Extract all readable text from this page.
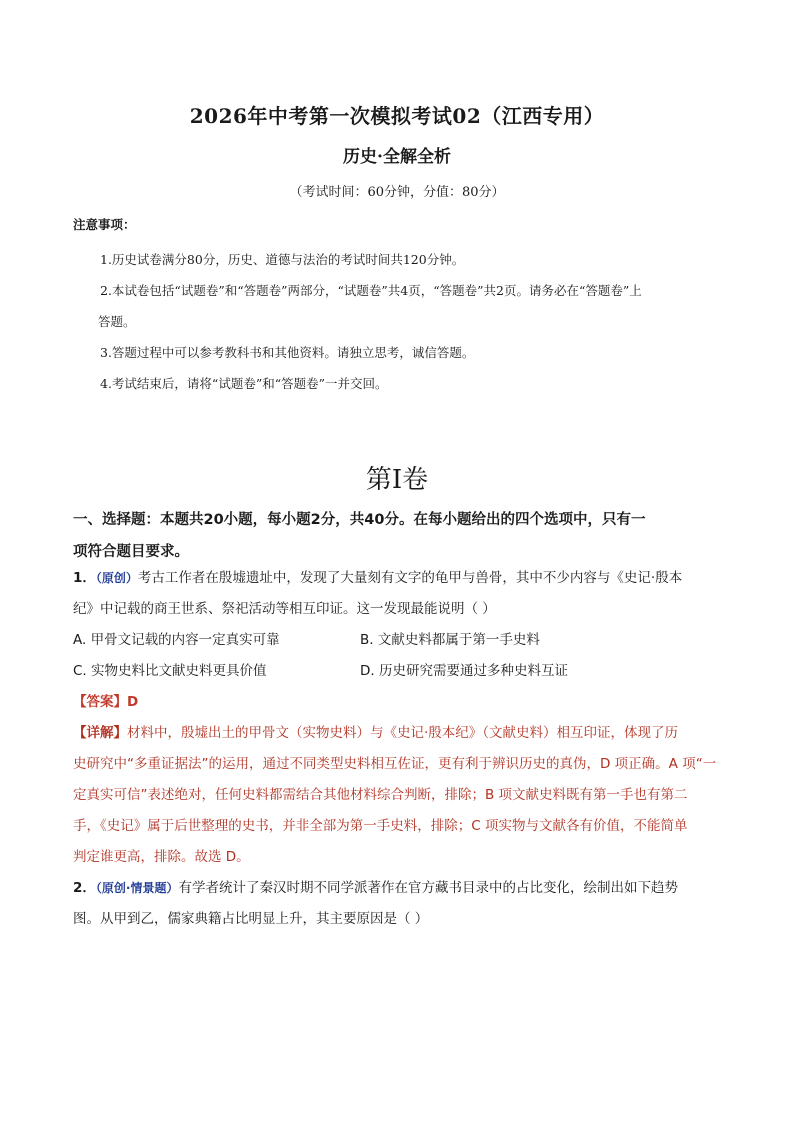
2026年中考第一次模拟考试02（江西专用）
历史·全解全析
（考试时间：60分钟，分值：80分）
注意事项：
1.历史试卷满分80分，历史、道德与法治的考试时间共120分钟。
2.本试卷包括“试题卷”和“答题卷”两部分，“试题卷”共4页，“答题卷”共2页。请务必在“答题卷”上
答题。
3.答题过程中可以参考教科书和其他资料。请独立思考，诚信答题。
4.考试结束后，请将“试题卷”和“答题卷”一并交回。
第Ⅰ卷
一、选择题：本题共20小题，每小题2分，共40分。在每小题给出的四个选项中，只有一
项符合题目要求。
1．（原创）考古工作者在殷墟遗址中，发现了大量刻有文字的龟甲与兽骨，其中不少内容与《史记·殷本
纪》中记载的商王世系、祭祀活动等相互印证。这一发现最能说明（ ）
A. 甲骨文记载的内容一定真实可靠	B. 文献史料都属于第一手史料
C. 实物史料比文献史料更具价值	D. 历史研究需要通过多种史料互证
【答案】D
【详解】材料中，殷墟出土的甲骨文（实物史料）与《史记·殷本纪》（文献史料）相互印证，体现了历
史研究中“多重证据法”的运用，通过不同类型史料相互佐证，更有利于辨识历史的真伪，D 项正确。A 项“一
定真实可信”表述绝对，任何史料都需结合其他材料综合判断，排除；B 项文献史料既有第一手也有第二
手，《史记》属于后世整理的史书，并非全部为第一手史料，排除；C 项实物与文献各有价值，不能简单
判定谁更高，排除。故选 D。
2．（原创·情景题）有学者统计了秦汉时期不同学派著作在官方藏书目录中的占比变化，绘制出如下趋势
图。从甲到乙，儒家典籍占比明显上升，其主要原因是（ ）
